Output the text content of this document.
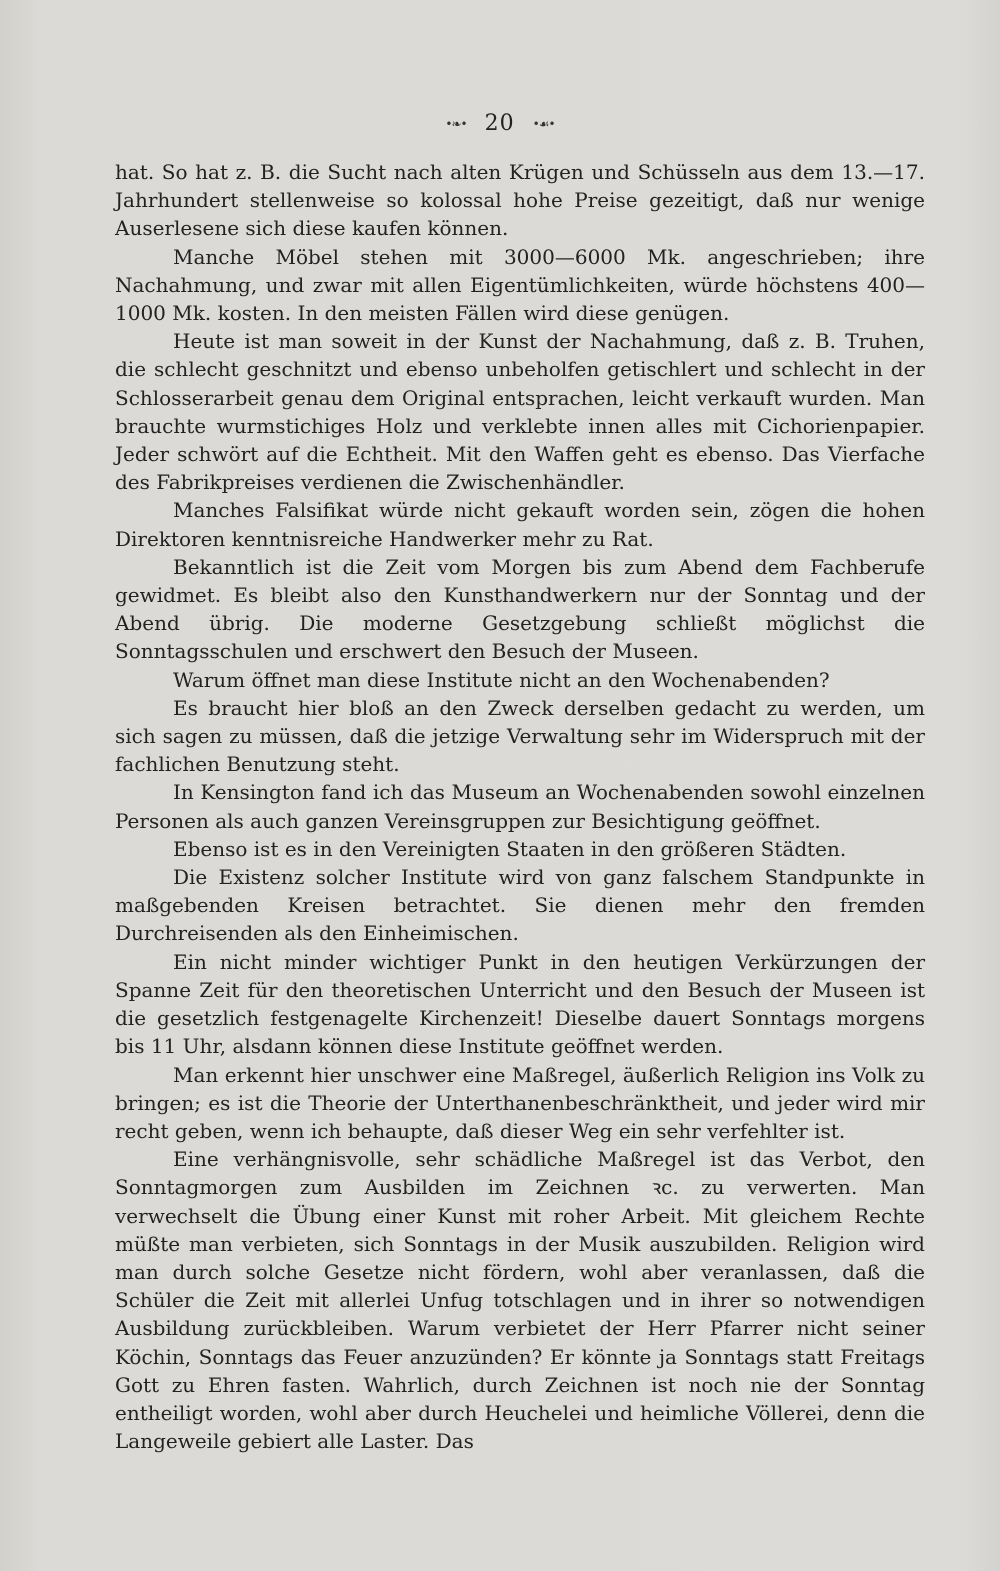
•❧• 20 •☙•

hat. So hat z. B. die Sucht nach alten Krügen und Schüsseln aus dem 13.—17. Jahrhundert stellenweise so kolossal hohe Preise gezeitigt, daß nur wenige Auserlesene sich diese kaufen können.

Manche Möbel stehen mit 3000—6000 Mk. angeschrieben; ihre Nachahmung, und zwar mit allen Eigentümlichkeiten, würde höchstens 400—1000 Mk. kosten. In den meisten Fällen wird diese genügen.

Heute ist man soweit in der Kunst der Nachahmung, daß z. B. Truhen, die schlecht geschnitzt und ebenso unbeholfen getischlert und schlecht in der Schlosserarbeit genau dem Original entsprachen, leicht verkauft wurden. Man brauchte wurmstichiges Holz und verklebte innen alles mit Cichorienpapier. Jeder schwört auf die Echtheit. Mit den Waffen geht es ebenso. Das Vierfache des Fabrikpreises verdienen die Zwischenhändler.

Manches Falsifikat würde nicht gekauft worden sein, zögen die hohen Direktoren kenntnisreiche Handwerker mehr zu Rat.

Bekanntlich ist die Zeit vom Morgen bis zum Abend dem Fachberufe gewidmet. Es bleibt also den Kunsthandwerkern nur der Sonntag und der Abend übrig. Die moderne Gesetzgebung schließt möglichst die Sonntagsschulen und erschwert den Besuch der Museen.

Warum öffnet man diese Institute nicht an den Wochenabenden?

Es braucht hier bloß an den Zweck derselben gedacht zu werden, um sich sagen zu müssen, daß die jetzige Verwaltung sehr im Widerspruch mit der fachlichen Benutzung steht.

In Kensington fand ich das Museum an Wochenabenden sowohl einzelnen Personen als auch ganzen Vereinsgruppen zur Besichtigung geöffnet.

Ebenso ist es in den Vereinigten Staaten in den größeren Städten.

Die Existenz solcher Institute wird von ganz falschem Standpunkte in maßgebenden Kreisen betrachtet. Sie dienen mehr den fremden Durchreisenden als den Einheimischen.

Ein nicht minder wichtiger Punkt in den heutigen Verkürzungen der Spanne Zeit für den theoretischen Unterricht und den Besuch der Museen ist die gesetzlich festgenagelte Kirchenzeit! Dieselbe dauert Sonntags morgens bis 11 Uhr, alsdann können diese Institute geöffnet werden.

Man erkennt hier unschwer eine Maßregel, äußerlich Religion ins Volk zu bringen; es ist die Theorie der Unterthanenbeschränktheit, und jeder wird mir recht geben, wenn ich behaupte, daß dieser Weg ein sehr verfehlter ist.

Eine verhängnisvolle, sehr schädliche Maßregel ist das Verbot, den Sonntagmorgen zum Ausbilden im Zeichnen ꝛc. zu verwerten. Man verwechselt die Übung einer Kunst mit roher Arbeit. Mit gleichem Rechte müßte man verbieten, sich Sonntags in der Musik auszubilden. Religion wird man durch solche Gesetze nicht fördern, wohl aber veranlassen, daß die Schüler die Zeit mit allerlei Unfug totschlagen und in ihrer so notwendigen Ausbildung zurückbleiben. Warum verbietet der Herr Pfarrer nicht seiner Köchin, Sonntags das Feuer anzuzünden? Er könnte ja Sonntags statt Freitags Gott zu Ehren fasten. Wahrlich, durch Zeichnen ist noch nie der Sonntag entheiligt worden, wohl aber durch Heuchelei und heimliche Völlerei, denn die Langeweile gebiert alle Laster. Das
